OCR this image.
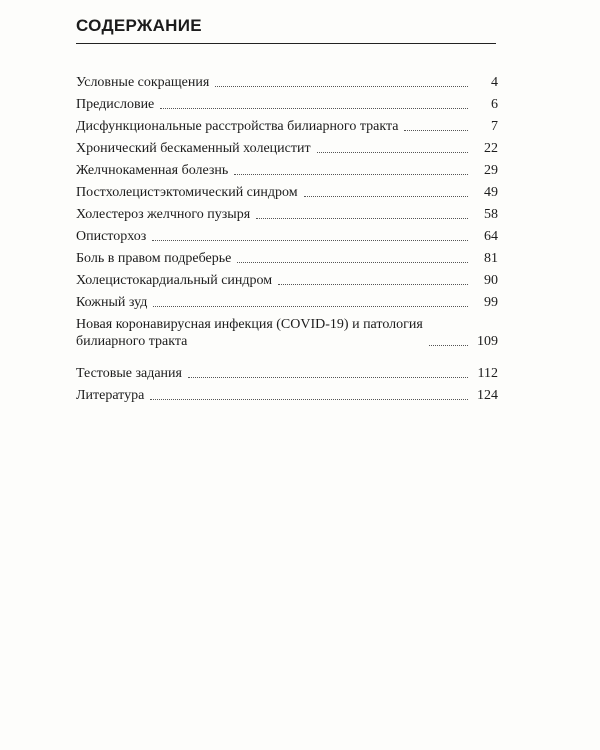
СОДЕРЖАНИЕ
Условные сокращения	4
Предисловие	6
Дисфункциональные расстройства билиарного тракта	7
Хронический бескаменный холецистит	22
Желчнокаменная болезнь	29
Постхолецистэктомический синдром	49
Холестероз желчного пузыря	58
Описторхоз	64
Боль в правом подреберье	81
Холецистокардиальный синдром	90
Кожный зуд	99
Новая коронавирусная инфекция (COVID-19) и патология
билиарного тракта	109
Тестовые задания	112
Литература	124
